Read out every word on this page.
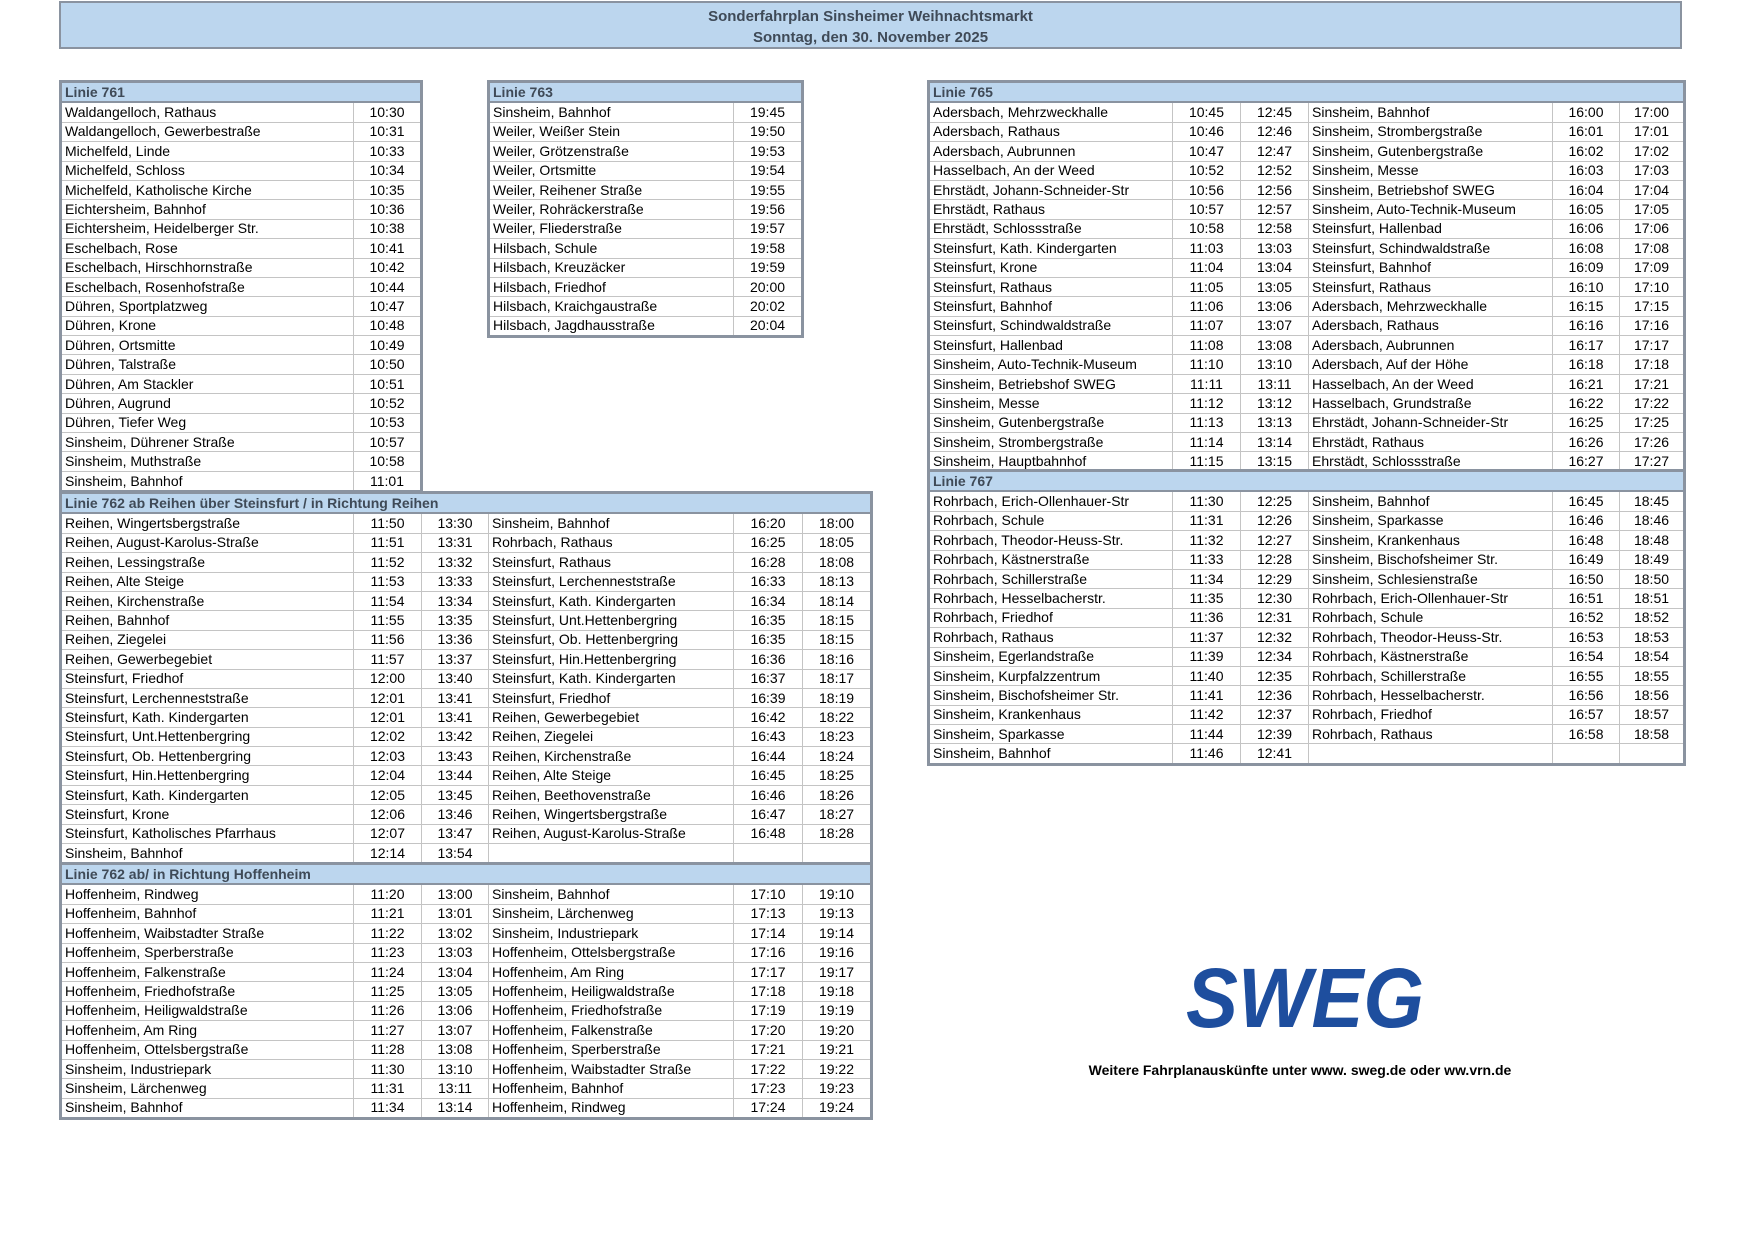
Sonderfahrplan Sinsheimer Weihnachtsmarkt
Sonntag, den 30. November 2025
Linie 761	
Waldangelloch, Rathaus	10:30
Waldangelloch, Gewerbestraße	10:31
Michelfeld, Linde	10:33
Michelfeld, Schloss	10:34
Michelfeld, Katholische Kirche	10:35
Eichtersheim, Bahnhof	10:36
Eichtersheim, Heidelberger Str.	10:38
Eschelbach, Rose	10:41
Eschelbach, Hirschhornstraße	10:42
Eschelbach, Rosenhofstraße	10:44
Dühren, Sportplatzweg	10:47
Dühren, Krone	10:48
Dühren, Ortsmitte	10:49
Dühren, Talstraße	10:50
Dühren, Am Stackler	10:51
Dühren, Augrund	10:52
Dühren, Tiefer Weg	10:53
Sinsheim, Dührener Straße	10:57
Sinsheim, Muthstraße	10:58
Sinsheim, Bahnhof	11:01
Linie 763	
Sinsheim, Bahnhof	19:45
Weiler, Weißer Stein	19:50
Weiler, Grötzenstraße	19:53
Weiler, Ortsmitte	19:54
Weiler, Reihener Straße	19:55
Weiler, Rohräckerstraße	19:56
Weiler, Fliederstraße	19:57
Hilsbach, Schule	19:58
Hilsbach, Kreuzäcker	19:59
Hilsbach, Friedhof	20:00
Hilsbach, Kraichgaustraße	20:02
Hilsbach, Jagdhausstraße	20:04
Linie 765					
Adersbach, Mehrzweckhalle	10:45	12:45	Sinsheim, Bahnhof	16:00	17:00
Adersbach, Rathaus	10:46	12:46	Sinsheim, Strombergstraße	16:01	17:01
Adersbach, Aubrunnen	10:47	12:47	Sinsheim, Gutenbergstraße	16:02	17:02
Hasselbach, An der Weed	10:52	12:52	Sinsheim, Messe	16:03	17:03
Ehrstädt, Johann-Schneider-Str	10:56	12:56	Sinsheim, Betriebshof SWEG	16:04	17:04
Ehrstädt, Rathaus	10:57	12:57	Sinsheim, Auto-Technik-Museum	16:05	17:05
Ehrstädt, Schlossstraße	10:58	12:58	Steinsfurt, Hallenbad	16:06	17:06
Steinsfurt, Kath. Kindergarten	11:03	13:03	Steinsfurt, Schindwaldstraße	16:08	17:08
Steinsfurt, Krone	11:04	13:04	Steinsfurt, Bahnhof	16:09	17:09
Steinsfurt, Rathaus	11:05	13:05	Steinsfurt, Rathaus	16:10	17:10
Steinsfurt, Bahnhof	11:06	13:06	Adersbach, Mehrzweckhalle	16:15	17:15
Steinsfurt, Schindwaldstraße	11:07	13:07	Adersbach, Rathaus	16:16	17:16
Steinsfurt, Hallenbad	11:08	13:08	Adersbach, Aubrunnen	16:17	17:17
Sinsheim, Auto-Technik-Museum	11:10	13:10	Adersbach, Auf der Höhe	16:18	17:18
Sinsheim, Betriebshof SWEG	11:11	13:11	Hasselbach, An der Weed	16:21	17:21
Sinsheim, Messe	11:12	13:12	Hasselbach, Grundstraße	16:22	17:22
Sinsheim, Gutenbergstraße	11:13	13:13	Ehrstädt, Johann-Schneider-Str	16:25	17:25
Sinsheim, Strombergstraße	11:14	13:14	Ehrstädt, Rathaus	16:26	17:26
Sinsheim, Hauptbahnhof	11:15	13:15	Ehrstädt, Schlossstraße	16:27	17:27
Linie 767					
Rohrbach, Erich-Ollenhauer-Str	11:30	12:25	Sinsheim, Bahnhof	16:45	18:45
Rohrbach, Schule	11:31	12:26	Sinsheim, Sparkasse	16:46	18:46
Rohrbach, Theodor-Heuss-Str.	11:32	12:27	Sinsheim, Krankenhaus	16:48	18:48
Rohrbach, Kästnerstraße	11:33	12:28	Sinsheim, Bischofsheimer Str.	16:49	18:49
Rohrbach, Schillerstraße	11:34	12:29	Sinsheim, Schlesienstraße	16:50	18:50
Rohrbach, Hesselbacherstr.	11:35	12:30	Rohrbach, Erich-Ollenhauer-Str	16:51	18:51
Rohrbach, Friedhof	11:36	12:31	Rohrbach, Schule	16:52	18:52
Rohrbach, Rathaus	11:37	12:32	Rohrbach, Theodor-Heuss-Str.	16:53	18:53
Sinsheim, Egerlandstraße	11:39	12:34	Rohrbach, Kästnerstraße	16:54	18:54
Sinsheim, Kurpfalzzentrum	11:40	12:35	Rohrbach, Schillerstraße	16:55	18:55
Sinsheim, Bischofsheimer Str.	11:41	12:36	Rohrbach, Hesselbacherstr.	16:56	18:56
Sinsheim, Krankenhaus	11:42	12:37	Rohrbach, Friedhof	16:57	18:57
Sinsheim, Sparkasse	11:44	12:39	Rohrbach, Rathaus	16:58	18:58
Sinsheim, Bahnhof	11:46	12:41			
Linie 762 ab Reihen über Steinsfurt / in Richtung Reihen					
Reihen, Wingertsbergstraße	11:50	13:30	Sinsheim, Bahnhof	16:20	18:00
Reihen, August-Karolus-Straße	11:51	13:31	Rohrbach, Rathaus	16:25	18:05
Reihen, Lessingstraße	11:52	13:32	Steinsfurt, Rathaus	16:28	18:08
Reihen, Alte Steige	11:53	13:33	Steinsfurt, Lerchenneststraße	16:33	18:13
Reihen, Kirchenstraße	11:54	13:34	Steinsfurt, Kath. Kindergarten	16:34	18:14
Reihen, Bahnhof	11:55	13:35	Steinsfurt, Unt.Hettenbergring	16:35	18:15
Reihen, Ziegelei	11:56	13:36	Steinsfurt, Ob. Hettenbergring	16:35	18:15
Reihen, Gewerbegebiet	11:57	13:37	Steinsfurt, Hin.Hettenbergring	16:36	18:16
Steinsfurt, Friedhof	12:00	13:40	Steinsfurt, Kath. Kindergarten	16:37	18:17
Steinsfurt, Lerchenneststraße	12:01	13:41	Steinsfurt, Friedhof	16:39	18:19
Steinsfurt, Kath. Kindergarten	12:01	13:41	Reihen, Gewerbegebiet	16:42	18:22
Steinsfurt, Unt.Hettenbergring	12:02	13:42	Reihen, Ziegelei	16:43	18:23
Steinsfurt, Ob. Hettenbergring	12:03	13:43	Reihen, Kirchenstraße	16:44	18:24
Steinsfurt, Hin.Hettenbergring	12:04	13:44	Reihen, Alte Steige	16:45	18:25
Steinsfurt, Kath. Kindergarten	12:05	13:45	Reihen, Beethovenstraße	16:46	18:26
Steinsfurt, Krone	12:06	13:46	Reihen, Wingertsbergstraße	16:47	18:27
Steinsfurt, Katholisches Pfarrhaus	12:07	13:47	Reihen, August-Karolus-Straße	16:48	18:28
Sinsheim, Bahnhof	12:14	13:54			
Linie 762 ab/ in Richtung Hoffenheim					
Hoffenheim, Rindweg	11:20	13:00	Sinsheim, Bahnhof	17:10	19:10
Hoffenheim, Bahnhof	11:21	13:01	Sinsheim, Lärchenweg	17:13	19:13
Hoffenheim, Waibstadter Straße	11:22	13:02	Sinsheim, Industriepark	17:14	19:14
Hoffenheim, Sperberstraße	11:23	13:03	Hoffenheim, Ottelsbergstraße	17:16	19:16
Hoffenheim, Falkenstraße	11:24	13:04	Hoffenheim, Am Ring	17:17	19:17
Hoffenheim, Friedhofstraße	11:25	13:05	Hoffenheim, Heiligwaldstraße	17:18	19:18
Hoffenheim, Heiligwaldstraße	11:26	13:06	Hoffenheim, Friedhofstraße	17:19	19:19
Hoffenheim, Am Ring	11:27	13:07	Hoffenheim, Falkenstraße	17:20	19:20
Hoffenheim, Ottelsbergstraße	11:28	13:08	Hoffenheim, Sperberstraße	17:21	19:21
Sinsheim, Industriepark	11:30	13:10	Hoffenheim, Waibstadter Straße	17:22	19:22
Sinsheim, Lärchenweg	11:31	13:11	Hoffenheim, Bahnhof	17:23	19:23
Sinsheim, Bahnhof	11:34	13:14	Hoffenheim, Rindweg	17:24	19:24
SWEG
Weitere Fahrplanauskünfte unter www. sweg.de oder ww.vrn.de
